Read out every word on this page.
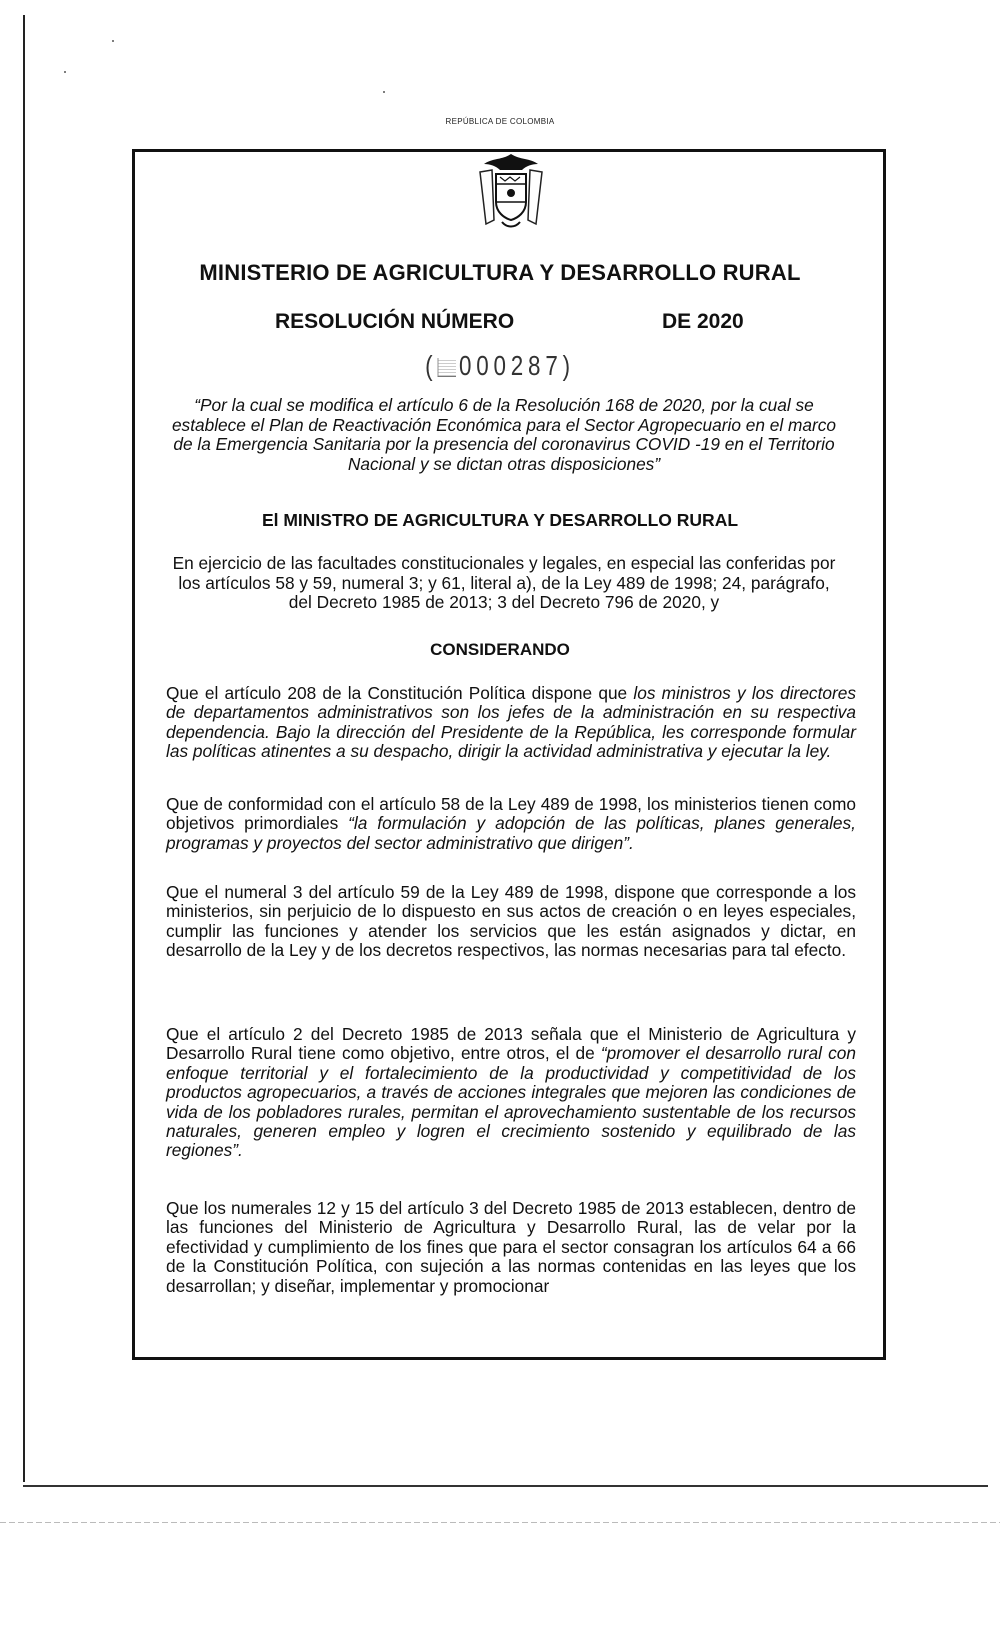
REPÚBLICA DE COLOMBIA
MINISTERIO DE AGRICULTURA Y DESARROLLO RURAL
RESOLUCIÓN NÚMERO	DE 2020
( 000287)
“Por la cual se modifica el artículo 6 de la Resolución 168 de 2020, por la cual se establece el Plan de Reactivación Económica para el Sector Agropecuario en el marco de la Emergencia Sanitaria por la presencia del coronavirus COVID -19 en el Territorio Nacional y se dictan otras disposiciones”
El MINISTRO DE AGRICULTURA Y DESARROLLO RURAL
En ejercicio de las facultades constitucionales y legales, en especial las conferidas por los artículos 58 y 59, numeral 3; y 61, literal a), de la Ley 489 de 1998; 24, parágrafo, del Decreto 1985 de 2013; 3 del Decreto 796 de 2020, y
CONSIDERANDO
Que el artículo 208 de la Constitución Política dispone que los ministros y los directores de departamentos administrativos son los jefes de la administración en su respectiva dependencia. Bajo la dirección del Presidente de la República, les corresponde formular las políticas atinentes a su despacho, dirigir la actividad administrativa y ejecutar la ley.
Que de conformidad con el artículo 58 de la Ley 489 de 1998, los ministerios tienen como objetivos primordiales “la formulación y adopción de las políticas, planes generales, programas y proyectos del sector administrativo que dirigen”.
Que el numeral 3 del artículo 59 de la Ley 489 de 1998, dispone que corresponde a los ministerios, sin perjuicio de lo dispuesto en sus actos de creación o en leyes especiales, cumplir las funciones y atender los servicios que les están asignados y dictar, en desarrollo de la Ley y de los decretos respectivos, las normas necesarias para tal efecto.
Que el artículo 2 del Decreto 1985 de 2013 señala que el Ministerio de Agricultura y Desarrollo Rural tiene como objetivo, entre otros, el de “promover el desarrollo rural con enfoque territorial y el fortalecimiento de la productividad y competitividad de los productos agropecuarios, a través de acciones integrales que mejoren las condiciones de vida de los pobladores rurales, permitan el aprovechamiento sustentable de los recursos naturales, generen empleo y logren el crecimiento sostenido y equilibrado de las regiones”.
Que los numerales 12 y 15 del artículo 3 del Decreto 1985 de 2013 establecen, dentro de las funciones del Ministerio de Agricultura y Desarrollo Rural, las de velar por la efectividad y cumplimiento de los fines que para el sector consagran los artículos 64 a 66 de la Constitución Política, con sujeción a las normas contenidas en las leyes que los desarrollan; y diseñar, implementar y promocionar
